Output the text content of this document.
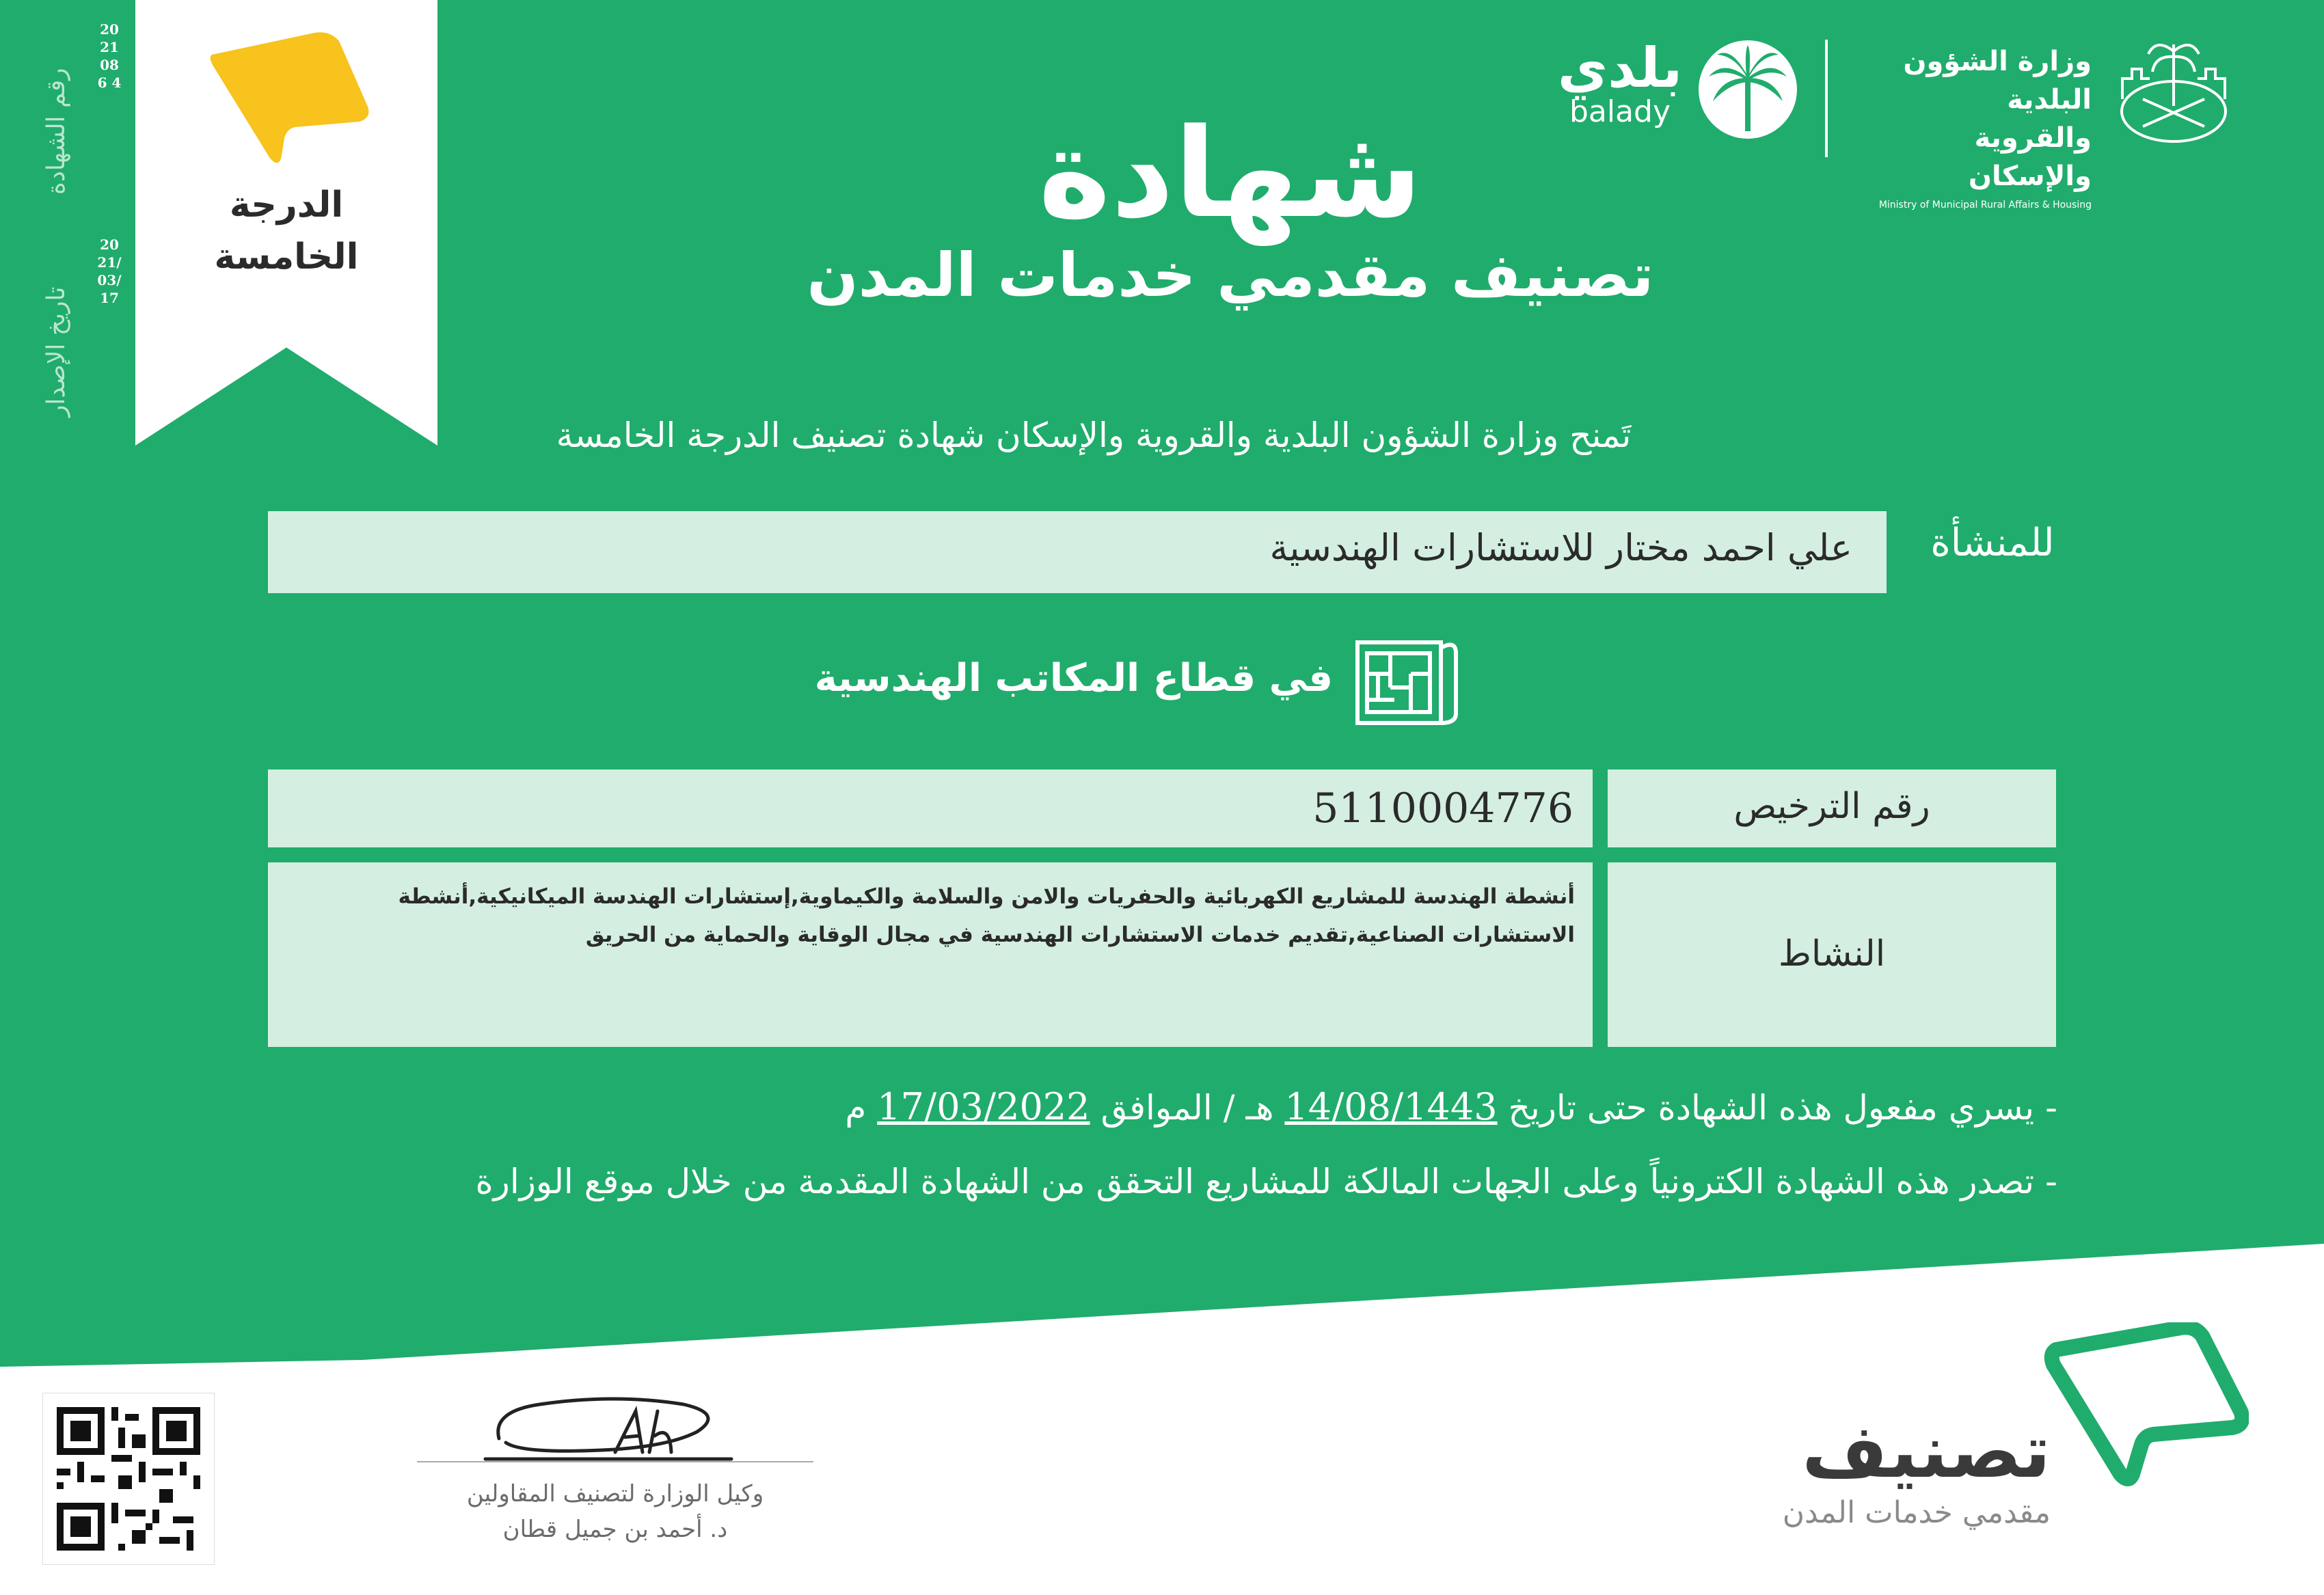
رقم الشهادة
2021086 4
تاريخ الإصدار
2021/03/17
الدرجة
الخامسة
بلدي
balady
وزارة الشؤون البلدية
والقروية والإسكان
Ministry of Municipal Rural Affairs & Housing
شهادة
تصنيف مقدمي خدمات المدن
تَمنح وزارة الشؤون البلدية والقروية والإسكان شهادة تصنيف الدرجة الخامسة
للمنشأة
علي احمد مختار للاستشارات الهندسية
في قطاع المكاتب الهندسية
رقم الترخيص
5110004776
النشاط
أنشطة الهندسة للمشاريع الكهربائية والحفريات والامن والسلامة والكيماوية,إستشارات الهندسة الميكانيكية,أنشطة الاستشارات الصناعية,تقديم خدمات الاستشارات الهندسية في مجال الوقاية والحماية من الحريق
- يسري مفعول هذه الشهادة حتى تاريخ 14/08/1443 هـ / الموافق 17/03/2022 م
- تصدر هذه الشهادة الكترونياً وعلى الجهات المالكة للمشاريع التحقق من الشهادة المقدمة من خلال موقع الوزارة
وكيل الوزارة لتصنيف المقاولين
د. أحمد بن جميل قطان
تصنيف
مقدمي خدمات المدن
